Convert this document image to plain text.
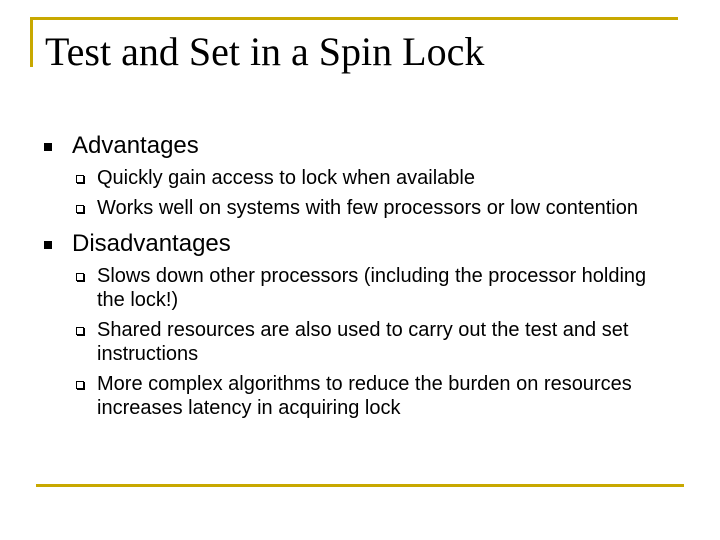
Test and Set in a Spin Lock
Advantages
Quickly gain access to lock when available
Works well on systems with few processors or low contention
Disadvantages
Slows down other processors (including the processor holding the lock!)
Shared resources are also used to carry out the test and set instructions
More complex algorithms to reduce the burden on resources increases latency in acquiring lock
